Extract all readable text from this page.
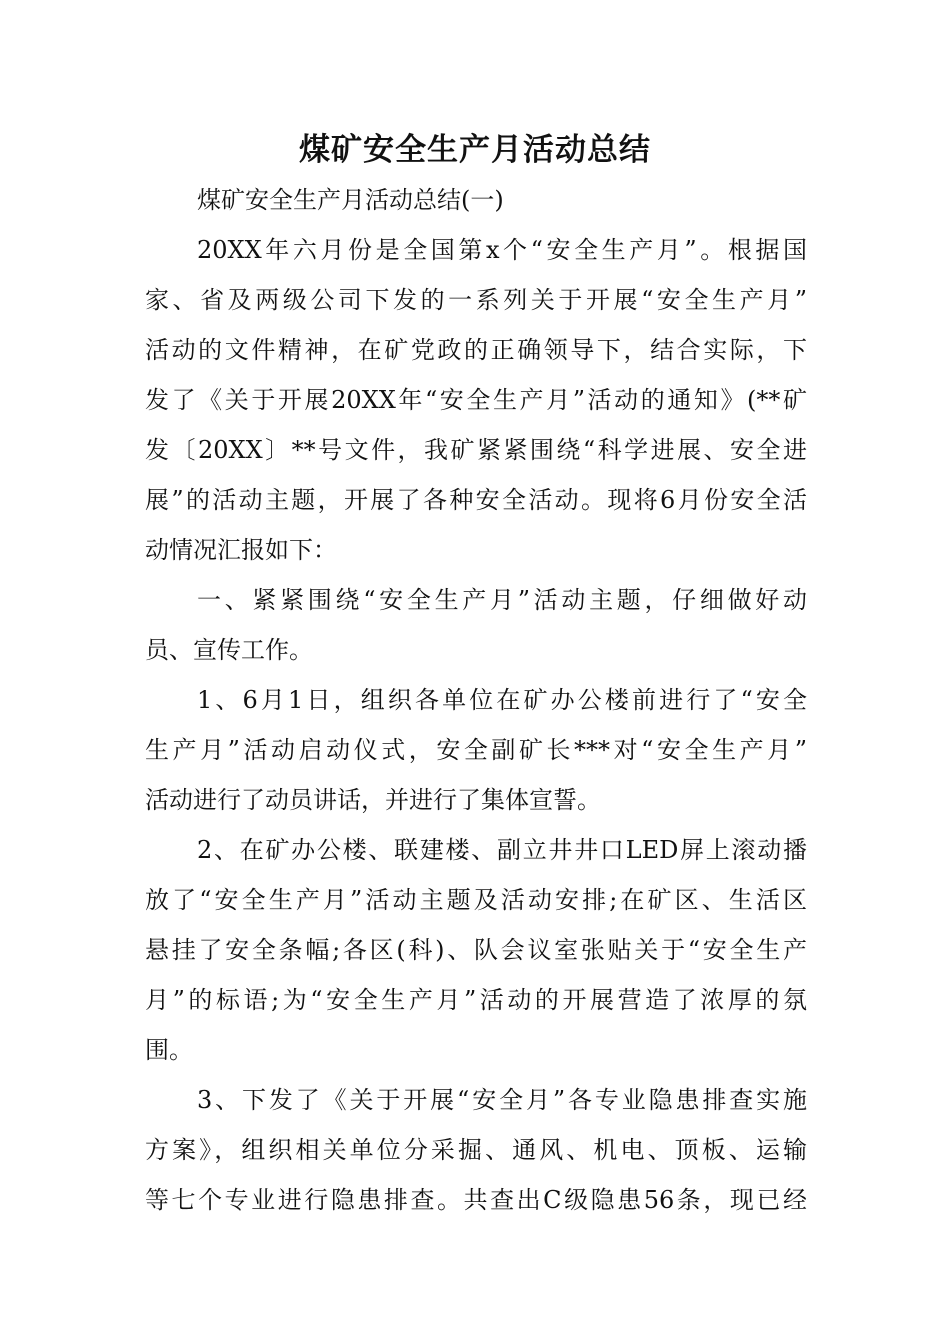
煤矿安全生产月活动总结
煤矿安全生产月活动总结(一)
20XX年六月份是全国第x个“安全生产月”。根据国
家、省及两级公司下发的一系列关于开展“安全生产月”
活动的文件精神，在矿党政的正确领导下，结合实际，下
发了《关于开展20XX年“安全生产月”活动的通知》(**矿
发〔20XX〕**号文件，我矿紧紧围绕“科学进展、安全进
展”的活动主题，开展了各种安全活动。现将6月份安全活
动情况汇报如下：
一、紧紧围绕“安全生产月”活动主题，仔细做好动
员、宣传工作。
1、6月1日，组织各单位在矿办公楼前进行了“安全
生产月”活动启动仪式，安全副矿长***对“安全生产月”
活动进行了动员讲话，并进行了集体宣誓。
2、在矿办公楼、联建楼、副立井井口LED屏上滚动播
放了“安全生产月”活动主题及活动安排;在矿区、生活区
悬挂了安全条幅;各区(科)、队会议室张贴关于“安全生产
月”的标语;为“安全生产月”活动的开展营造了浓厚的氛
围。
3、下发了《关于开展“安全月”各专业隐患排查实施
方案》，组织相关单位分采掘、通风、机电、顶板、运输
等七个专业进行隐患排查。共查出C级隐患56条，现已经
